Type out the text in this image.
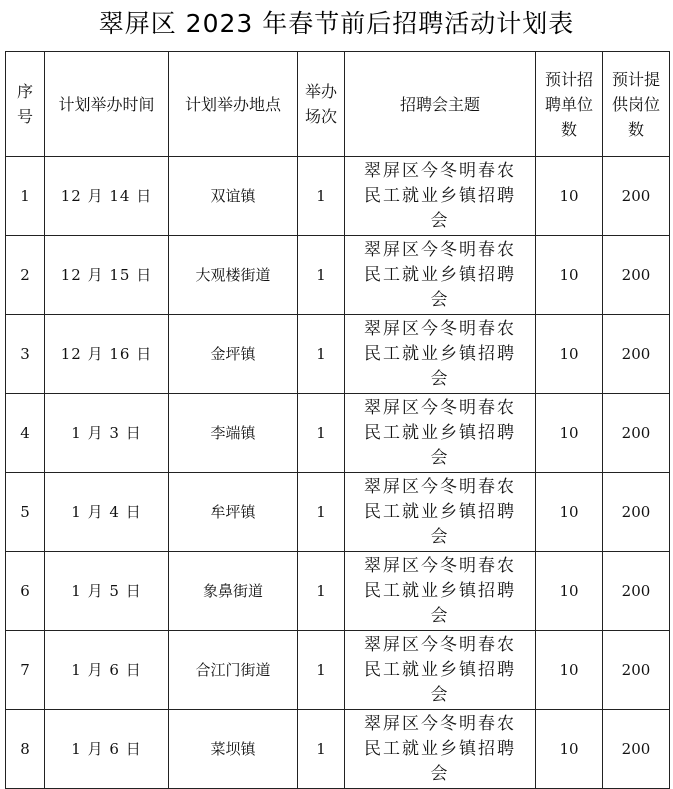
翠屏区 2023 年春节前后招聘活动计划表
序号	计划举办时间	计划举办地点	举办场次	招聘会主题	预计招聘单位数	预计提供岗位数
1	12 月 14 日	双谊镇	1	翠屏区今冬明春农民工就业乡镇招聘会	10	200
2	12 月 15 日	大观楼街道	1	翠屏区今冬明春农民工就业乡镇招聘会	10	200
3	12 月 16 日	金坪镇	1	翠屏区今冬明春农民工就业乡镇招聘会	10	200
4	1 月 3 日	李端镇	1	翠屏区今冬明春农民工就业乡镇招聘会	10	200
5	1 月 4 日	牟坪镇	1	翠屏区今冬明春农民工就业乡镇招聘会	10	200
6	1 月 5 日	象鼻街道	1	翠屏区今冬明春农民工就业乡镇招聘会	10	200
7	1 月 6 日	合江门街道	1	翠屏区今冬明春农民工就业乡镇招聘会	10	200
8	1 月 6 日	菜坝镇	1	翠屏区今冬明春农民工就业乡镇招聘会	10	200
